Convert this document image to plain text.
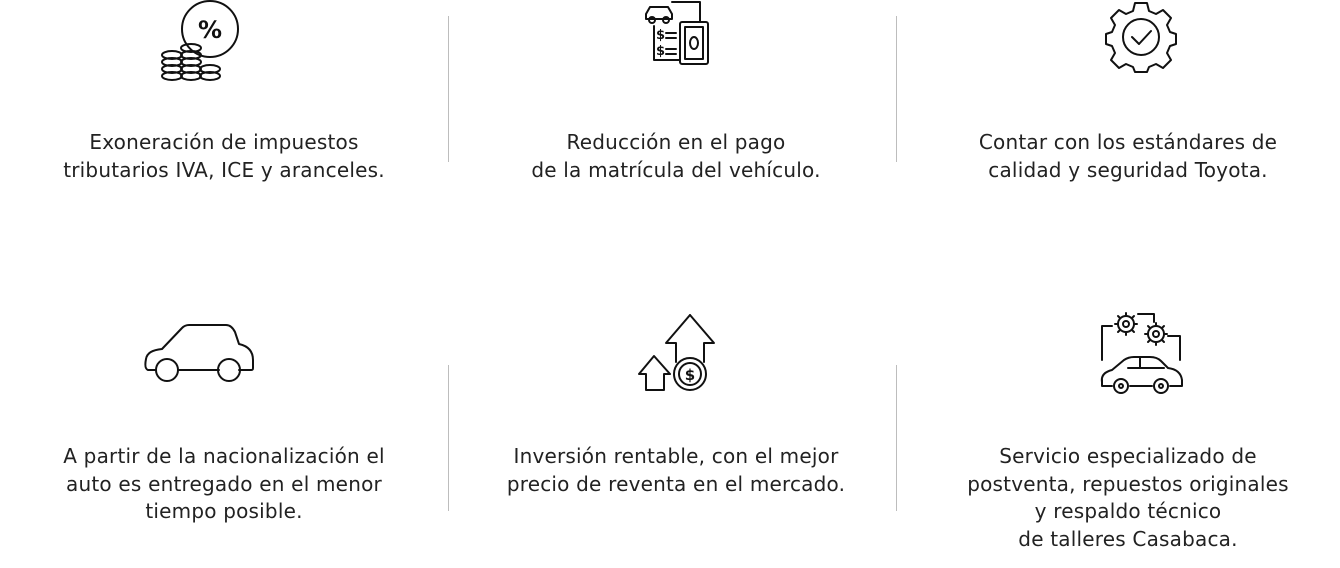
%
Exoneración de impuestos
tributarios IVA, ICE y aranceles.
$
$
Reducción en el pago
de la matrícula del vehículo.
Contar con los estándares de
calidad y seguridad Toyota.
A partir de la nacionalización el
auto es entregado en el menor
tiempo posible.
$
Inversión rentable, con el mejor
precio de reventa en el mercado.
Servicio especializado de
postventa, repuestos originales
y respaldo técnico
de talleres Casabaca.
